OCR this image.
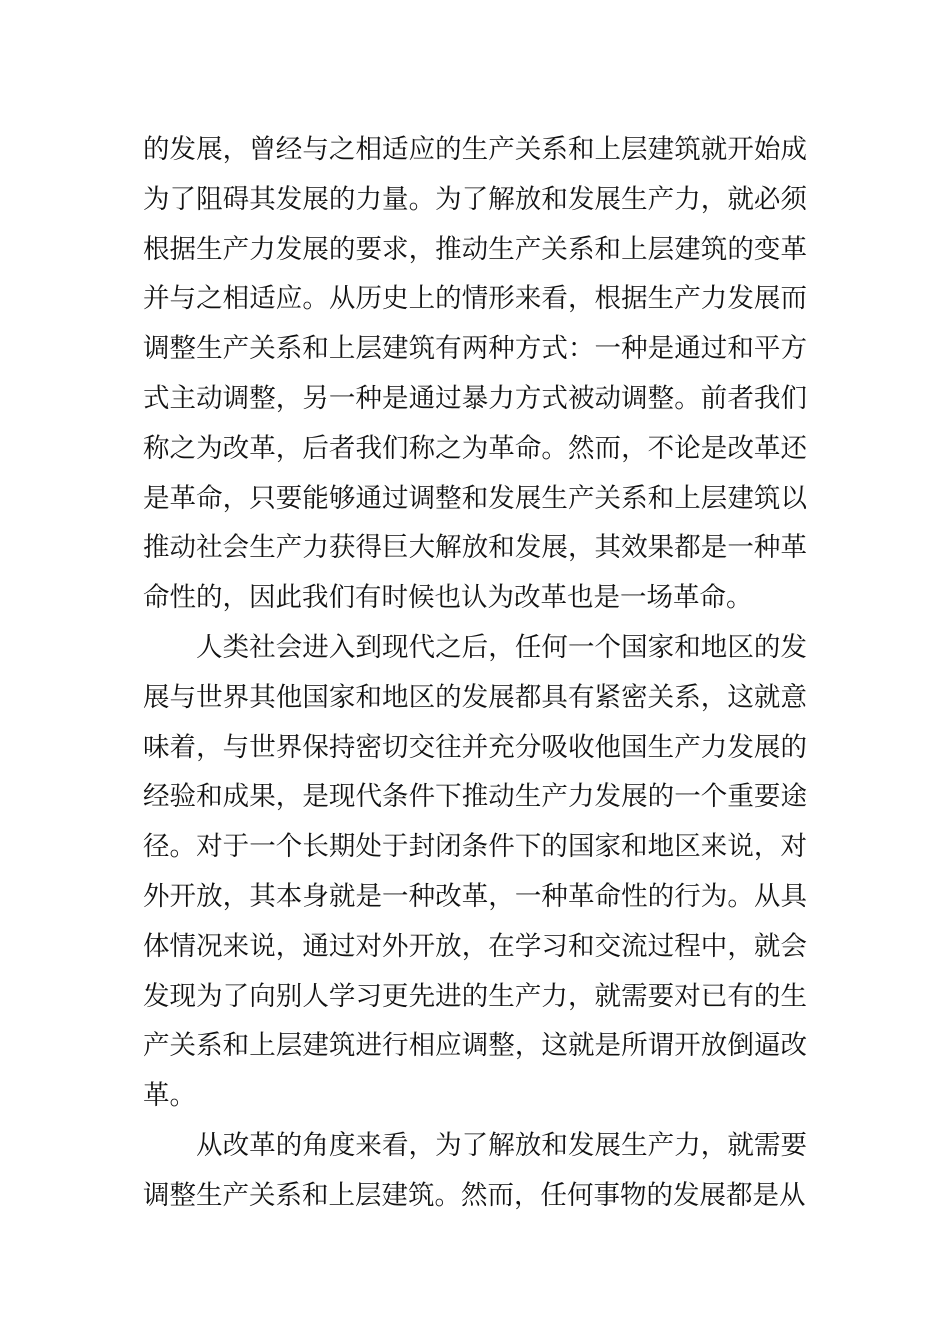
的发展，曾经与之相适应的生产关系和上层建筑就开始成为了阻碍其发展的力量。为了解放和发展生产力，就必须根据生产力发展的要求，推动生产关系和上层建筑的变革并与之相适应。从历史上的情形来看，根据生产力发展而调整生产关系和上层建筑有两种方式：一种是通过和平方式主动调整，另一种是通过暴力方式被动调整。前者我们称之为改革，后者我们称之为革命。然而，不论是改革还是革命，只要能够通过调整和发展生产关系和上层建筑以推动社会生产力获得巨大解放和发展，其效果都是一种革命性的，因此我们有时候也认为改革也是一场革命。

人类社会进入到现代之后，任何一个国家和地区的发展与世界其他国家和地区的发展都具有紧密关系，这就意味着，与世界保持密切交往并充分吸收他国生产力发展的经验和成果，是现代条件下推动生产力发展的一个重要途径。对于一个长期处于封闭条件下的国家和地区来说，对外开放，其本身就是一种改革，一种革命性的行为。从具体情况来说，通过对外开放，在学习和交流过程中，就会发现为了向别人学习更先进的生产力，就需要对已有的生产关系和上层建筑进行相应调整，这就是所谓开放倒逼改革。

从改革的角度来看，为了解放和发展生产力，就需要调整生产关系和上层建筑。然而，任何事物的发展都是从
